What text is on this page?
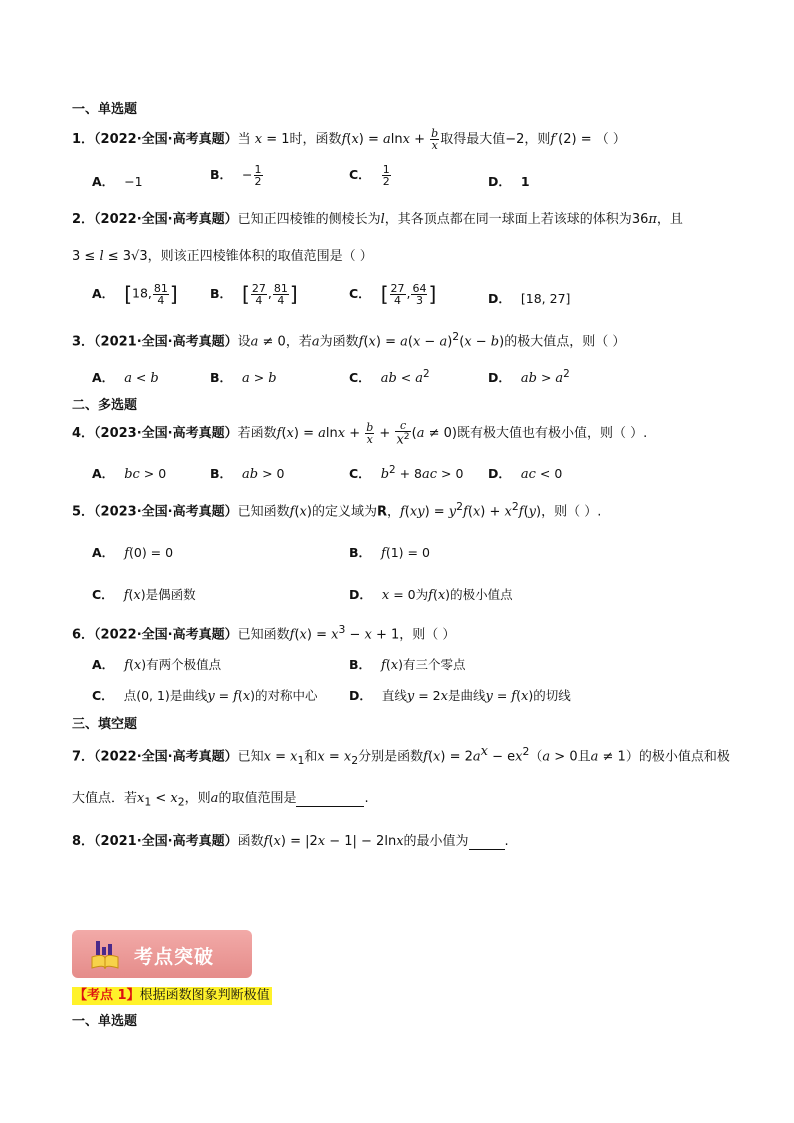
一、单选题
1．（2022·全国·高考真题）当 x = 1时，函数$f(x) = alnx + \frac{b}{x}$ 取得最大值−2，则f′(2) = （ ）
A． −1	B． − $\frac{1}{2}$	C． $\frac{1}{2}$	D． 1
2．（2022·全国·高考真题）已知正四棱锥的侧棱长为l，其各顶点都在同一球面上若该球的体积为36π，且
3 ≤ l ≤ 3√3，则该正四棱锥体积的取值范围是（ ）
A． [18, $\frac{81}{4}$ ]	B． [ $\frac{27}{4}$ , $\frac{81}{4}$ ]	C． [ $\frac{27}{4}$ , $\frac{64}{3}$ ]	D． [18, 27]
3．（2021·全国·高考真题）设a ≠ 0，若a为函数$f(x) = a(x - a)^2(x - b)$的极大值点，则（ ）
A． a < b	B． a > b	C． ab < $a^2$	D． ab > $a^2$
二、多选题
4．（2023·全国·高考真题）若函数$f(x) = alnx + \frac{b}{x} + \frac{c}{x^2} (a \ne 0)$既有极大值也有极小值，则（ ）.
A． bc > 0	B． ab > 0	C． $b^2 + 8ac > 0$ D． ac < 0
5．（2023·全国·高考真题）已知函数f(x)的定义域为R，$f(xy) = y^2f(x) + x^2f(y)$，则（ ）.
A． f(0) = 0	B． f(1) = 0
C． f(x)是偶函数	D． x = 0为f(x)的极小值点
6．（2022·全国·高考真题）已知函数$f(x) = x^3 - x + 1$，则（ ）
A． f(x)有两个极值点	B． f(x)有三个零点
C． 点(0, 1)是曲线y = f(x)的对称中心	D． 直线y = 2x是曲线y = f(x)的切线
三、填空题
7．（2022·全国·高考真题）已知$x = x_1$和$x = x_2$分别是函数$f(x) = 2a^x - ex^2(a > 0$且a ≠ 1）的极小值点和极
大值点．若$x_1 < x_2$，则a的取值范围是	.
8．（2021·全国·高考真题）函数f(x) = |2x − 1| − 2lnx的最小值为	.
考点突破
【考点 1】根据函数图象判断极值
一、单选题
